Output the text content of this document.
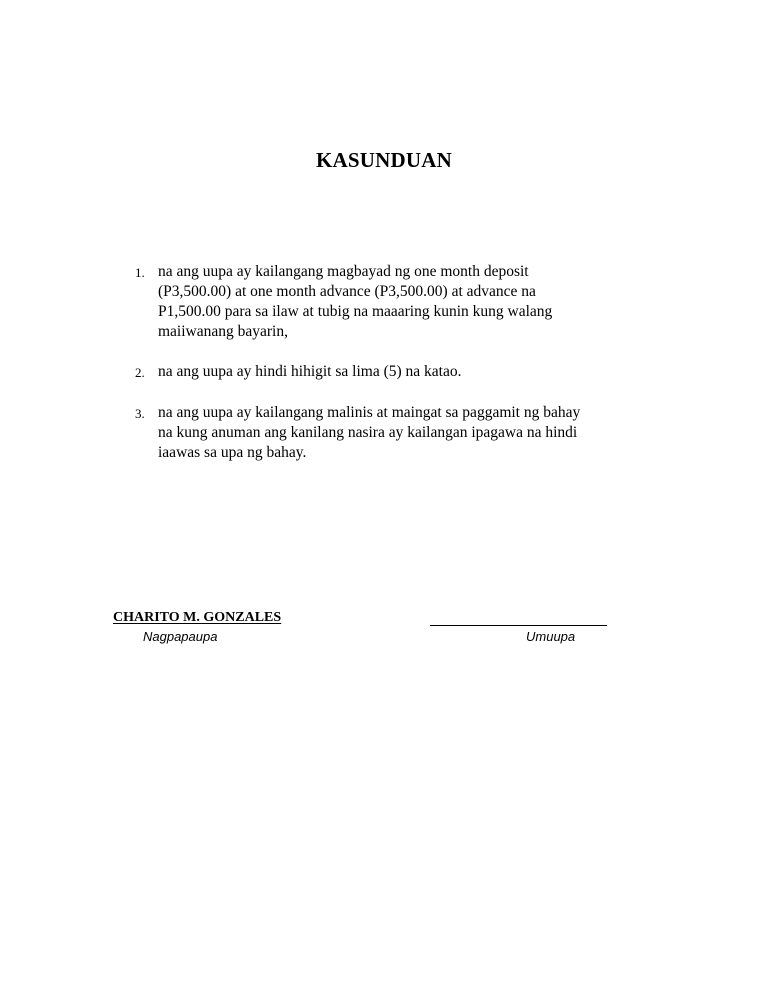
KASUNDUAN
1. na ang uupa ay kailangang magbayad ng one month deposit
(P3,500.00) at one month advance (P3,500.00) at advance na
P1,500.00 para sa ilaw at tubig na maaaring kunin kung walang
maiiwanang bayarin,
2. na ang uupa ay hindi hihigit sa lima (5) na katao.
3. na ang uupa ay kailangang malinis at maingat sa paggamit ng bahay
na kung anuman ang kanilang nasira ay kailangan ipagawa na hindi
iaawas sa upa ng bahay.
CHARITO M. GONZALES
Nagpapaupa	Umuupa
